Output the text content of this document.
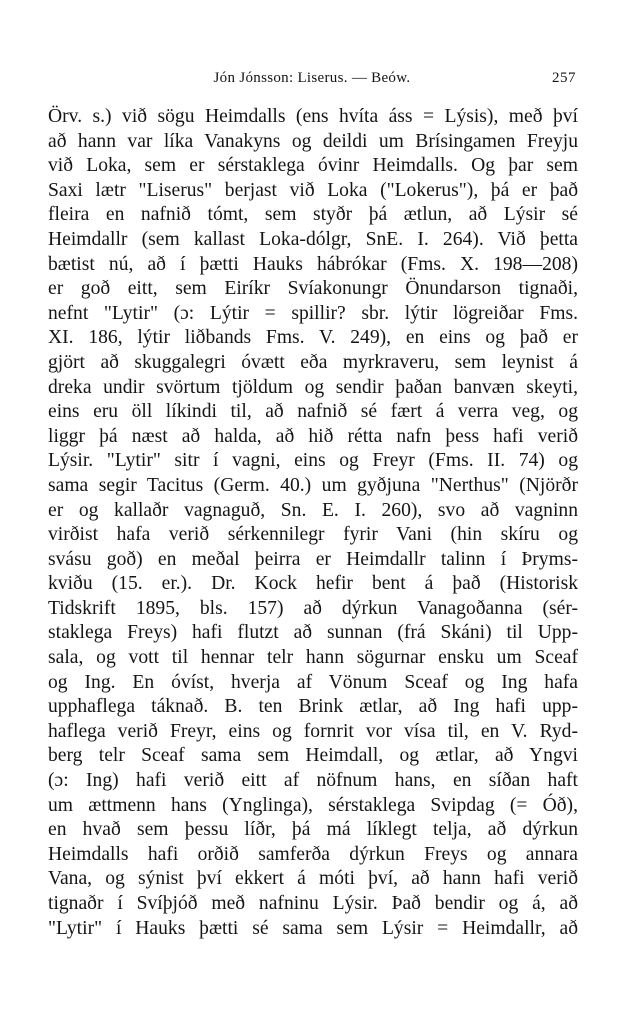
Jón Jónsson: Liserus. — Beów.	257
Örv. s.) við sögu Heimdalls (ens hvíta áss = Lýsis), með því
að hann var líka Vanakyns og deildi um Brísingamen Freyju
við Loka, sem er sérstaklega óvinr Heimdalls. Og þar sem
Saxi lætr "Liserus" berjast við Loka ("Lokerus"), þá er það
fleira en nafnið tómt, sem styðr þá ætlun, að Lýsir sé
Heimdallr (sem kallast Loka-dólgr, SnE. I. 264). Við þetta
bætist nú, að í þætti Hauks hábrókar (Fms. X. 198—208)
er goð eitt, sem Eiríkr Svíakonungr Önundarson tignaði,
nefnt "Lytir" (ɔ: Lýtir = spillir? sbr. lýtir lögreiðar Fms.
XI. 186, lýtir liðbands Fms. V. 249), en eins og það er
gjört að skuggalegri óvætt eða myrkraveru, sem leynist á
dreka undir svörtum tjöldum og sendir þaðan banvæn skeyti,
eins eru öll líkindi til, að nafnið sé fært á verra veg, og
liggr þá næst að halda, að hið rétta nafn þess hafi verið
Lýsir. "Lytir" sitr í vagni, eins og Freyr (Fms. II. 74) og
sama segir Tacitus (Germ. 40.) um gyðjuna "Nerthus" (Njörðr
er og kallaðr vagnaguð, Sn. E. I. 260), svo að vagninn
virðist hafa verið sérkennilegr fyrir Vani (hin skíru og
svásu goð) en meðal þeirra er Heimdallr talinn í Þryms-
kviðu (15. er.). Dr. Kock hefir bent á það (Historisk
Tidskrift 1895, bls. 157) að dýrkun Vanagoðanna (sér-
staklega Freys) hafi flutzt að sunnan (frá Skáni) til Upp-
sala, og vott til hennar telr hann sögurnar ensku um Sceaf
og Ing. En óvíst, hverja af Vönum Sceaf og Ing hafa
upphaflega táknað. B. ten Brink ætlar, að Ing hafi upp-
haflega verið Freyr, eins og fornrit vor vísa til, en V. Ryd-
berg telr Sceaf sama sem Heimdall, og ætlar, að Yngvi
(ɔ: Ing) hafi verið eitt af nöfnum hans, en síðan haft
um ættmenn hans (Ynglinga), sérstaklega Svipdag (= Óð),
en hvað sem þessu líðr, þá má líklegt telja, að dýrkun
Heimdalls hafi orðið samferða dýrkun Freys og annara
Vana, og sýnist því ekkert á móti því, að hann hafi verið
tignaðr í Svíþjóð með nafninu Lýsir. Það bendir og á, að
"Lytir" í Hauks þætti sé sama sem Lýsir = Heimdallr, að
